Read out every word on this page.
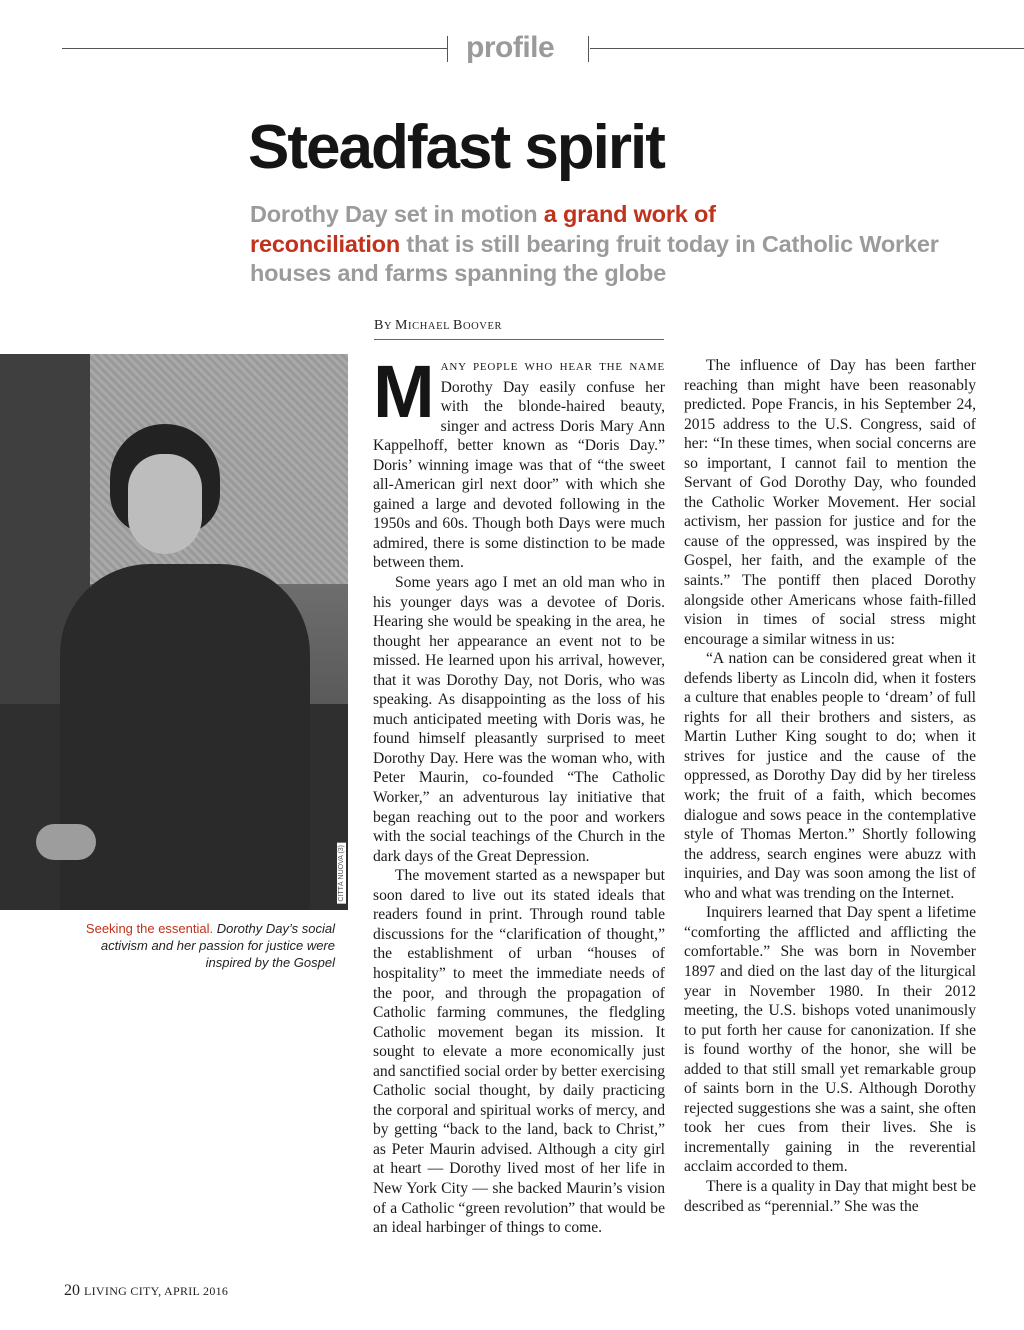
profile
Steadfast spirit

Dorothy Day set in motion a grand work of
reconciliation that is still bearing fruit today in Catholic Worker houses and farms spanning the globe

BY MICHAEL BOOVER
CITTÀ NUOVA (3)

Seeking the essential. Dorothy Day’s social activism and her passion for justice were inspired by the Gospel

MANY PEOPLE WHO HEAR THE NAME Dorothy Day easily confuse her with the blonde-haired beauty, singer and actress Doris Mary Ann Kappelhoff, better known as “Doris Day.” Doris’ winning image was that of “the sweet all-American girl next door” with which she gained a large and devoted following in the 1950s and 60s. Though both Days were much admired, there is some distinction to be made between them.

Some years ago I met an old man who in his younger days was a devotee of Doris. Hearing she would be speaking in the area, he thought her appearance an event not to be missed. He learned upon his arrival, however, that it was Dorothy Day, not Doris, who was speaking. As disappointing as the loss of his much anticipated meeting with Doris was, he found himself pleasantly surprised to meet Dorothy Day. Here was the woman who, with Peter Maurin, co-founded “The Catholic Worker,” an adventurous lay initiative that began reaching out to the poor and workers with the social teachings of the Church in the dark days of the Great Depression.

The movement started as a newspaper but soon dared to live out its stated ideals that readers found in print. Through round table discussions for the “clarification of thought,” the establishment of urban “houses of hospitality” to meet the immediate needs of the poor, and through the propagation of Catholic farming communes, the fledgling Catholic movement began its mission. It sought to elevate a more economically just and sanctified social order by better exercising Catholic social thought, by daily practicing the corporal and spiritual works of mercy, and by getting “back to the land, back to Christ,” as Peter Maurin advised. Although a city girl at heart — Dorothy lived most of her life in New York City — she backed Maurin’s vision of a Catholic “green revolution” that would be an ideal harbinger of things to come.

The influence of Day has been farther reaching than might have been reasonably predicted. Pope Francis, in his September 24, 2015 address to the U.S. Congress, said of her: “In these times, when social concerns are so important, I cannot fail to mention the Servant of God Dorothy Day, who founded the Catholic Worker Movement. Her social activism, her passion for justice and for the cause of the oppressed, was inspired by the Gospel, her faith, and the example of the saints.” The pontiff then placed Dorothy alongside other Americans whose faith-filled vision in times of social stress might encourage a similar witness in us:

“A nation can be considered great when it defends liberty as Lincoln did, when it fosters a culture that enables people to ‘dream’ of full rights for all their brothers and sisters, as Martin Luther King sought to do; when it strives for justice and the cause of the oppressed, as Dorothy Day did by her tireless work; the fruit of a faith, which becomes dialogue and sows peace in the contemplative style of Thomas Merton.” Shortly following the address, search engines were abuzz with inquiries, and Day was soon among the list of who and what was trending on the Internet.

Inquirers learned that Day spent a lifetime “comforting the afflicted and afflicting the comfortable.” She was born in November 1897 and died on the last day of the liturgical year in November 1980. In their 2012 meeting, the U.S. bishops voted unanimously to put forth her cause for canonization. If she is found worthy of the honor, she will be added to that still small yet remarkable group of saints born in the U.S. Although Dorothy rejected suggestions she was a saint, she often took her cues from their lives. She is incrementally gaining in the reverential acclaim accorded to them.

There is a quality in Day that might best be described as “perennial.” She was the

20 LIVING CITY, APRIL 2016
